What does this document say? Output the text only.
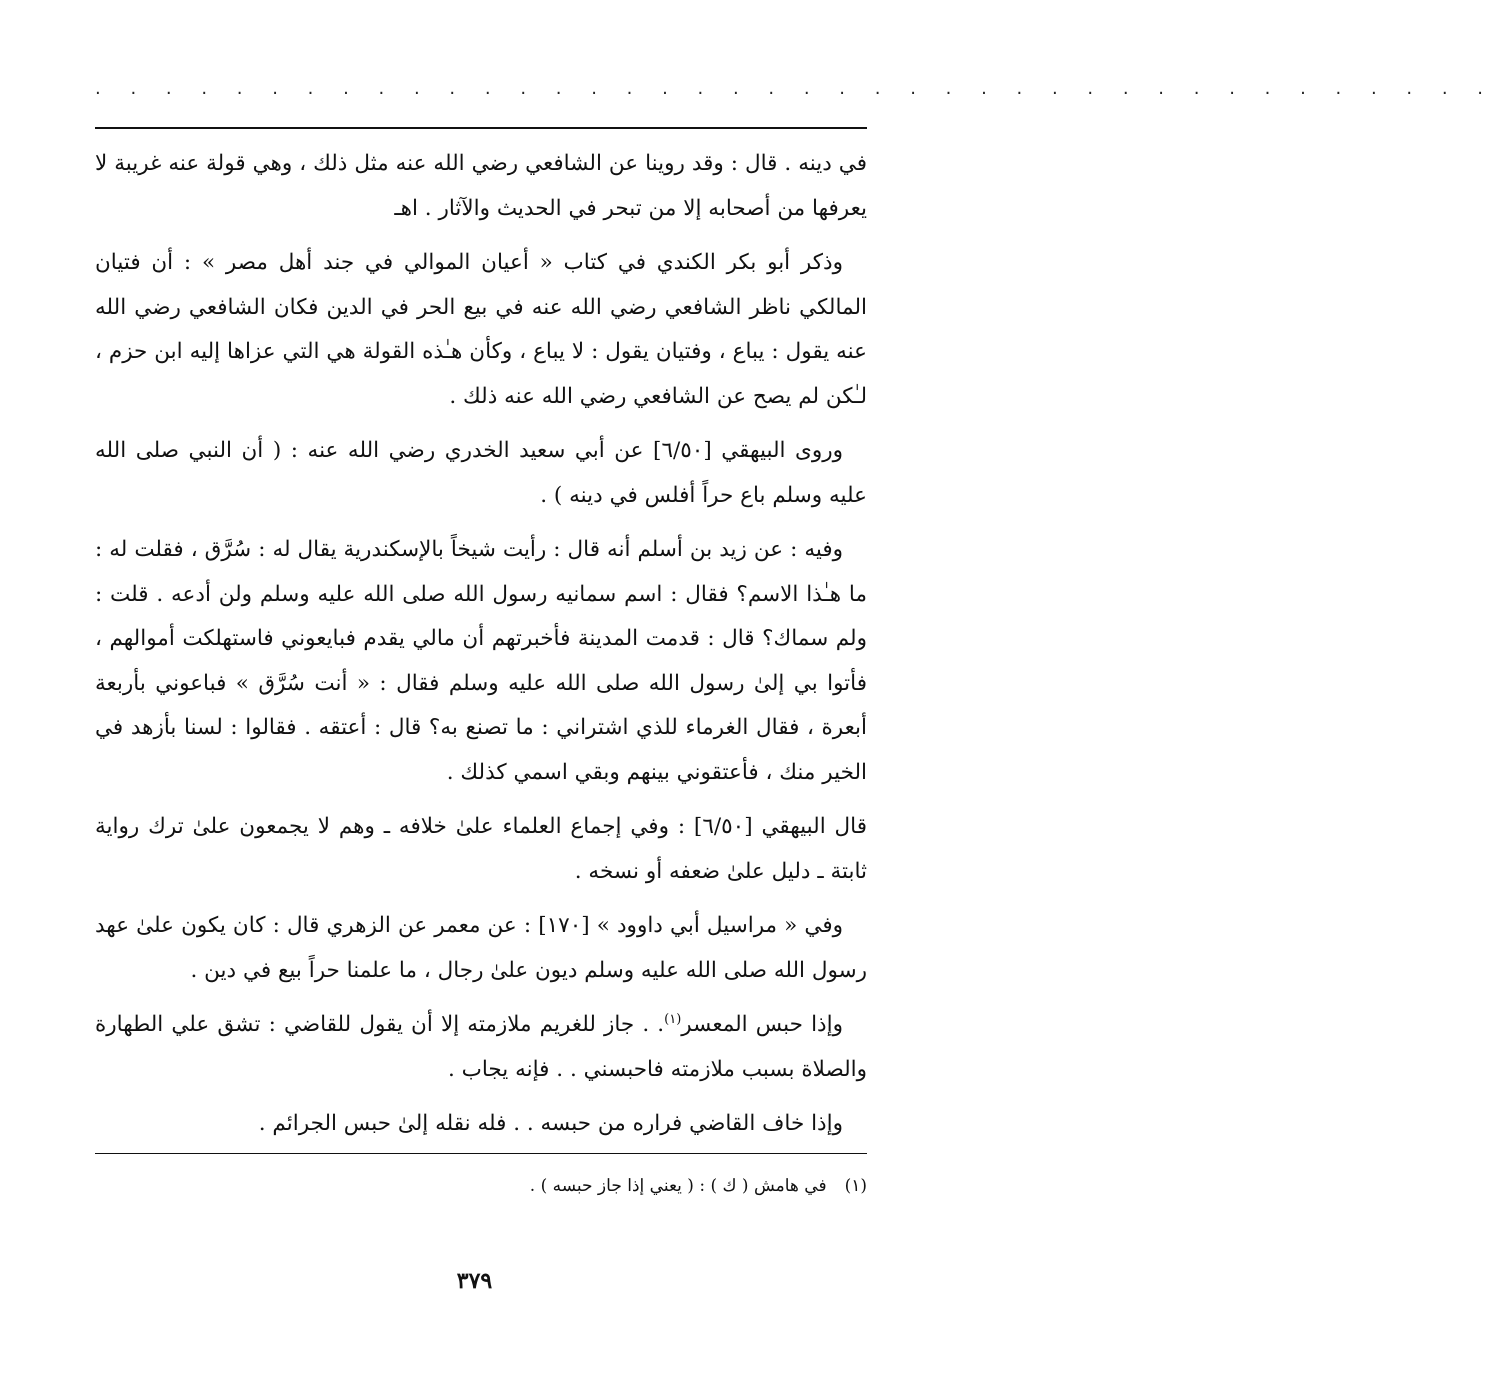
. . . . . . . . . . . . . . . . . . . . . . . . . . . . . . . . . . . . . . . .

في دينه . قال : وقد روينا عن الشافعي رضي الله عنه مثل ذلك ، وهي قولة عنه غريبة لا يعرفها من أصحابه إلا من تبحر في الحديث والآثار . اهـ

وذكر أبو بكر الكندي في كتاب « أعيان الموالي في جند أهل مصر » : أن فتيان المالكي ناظر الشافعي رضي الله عنه في بيع الحر في الدين فكان الشافعي رضي الله عنه يقول : يباع ، وفتيان يقول : لا يباع ، وكأن هـٰذه القولة هي التي عزاها إليه ابن حزم ، لـٰكن لم يصح عن الشافعي رضي الله عنه ذلك .

وروى البيهقي [٦/٥٠] عن أبي سعيد الخدري رضي الله عنه : ( أن النبي صلى الله عليه وسلم باع حراً أفلس في دينه ) .

وفيه : عن زيد بن أسلم أنه قال : رأيت شيخاً بالإسكندرية يقال له : سُرَّق ، فقلت له : ما هـٰذا الاسم؟ فقال : اسم سمانيه رسول الله صلى الله عليه وسلم ولن أدعه . قلت : ولم سماك؟ قال : قدمت المدينة فأخبرتهم أن مالي يقدم فبايعوني فاستهلكت أموالهم ، فأتوا بي إلىٰ رسول الله صلى الله عليه وسلم فقال : « أنت سُرَّق » فباعوني بأربعة أبعرة ، فقال الغرماء للذي اشتراني : ما تصنع به؟ قال : أعتقه . فقالوا : لسنا بأزهد في الخير منك ، فأعتقوني بينهم وبقي اسمي كذلك .

قال البيهقي [٦/٥٠] : وفي إجماع العلماء علىٰ خلافه ـ وهم لا يجمعون علىٰ ترك رواية ثابتة ـ دليل علىٰ ضعفه أو نسخه .

وفي « مراسيل أبي داوود » [١٧٠] : عن معمر عن الزهري قال : كان يكون علىٰ عهد رسول الله صلى الله عليه وسلم ديون علىٰ رجال ، ما علمنا حراً بيع في دين .

وإذا حبس المعسر$^{(١)}$. . جاز للغريم ملازمته إلا أن يقول للقاضي : تشق علي الطهارة والصلاة بسبب ملازمته فاحبسني . . فإنه يجاب .

وإذا خاف القاضي فراره من حبسه . . فله نقله إلىٰ حبس الجرائم .

(١)في هامش ( ك ) : ( يعني إذا جاز حبسه ) .
٣٧٩
